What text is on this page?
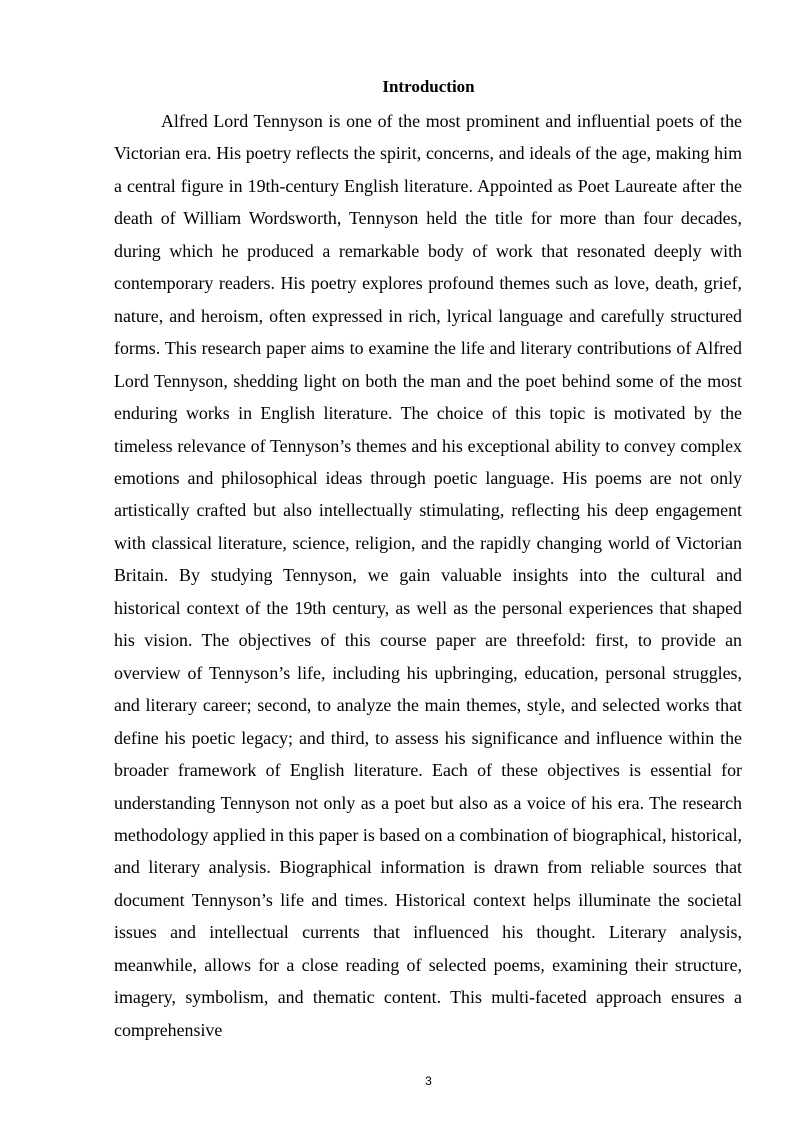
Introduction

Alfred Lord Tennyson is one of the most prominent and influential poets of the Victorian era. His poetry reflects the spirit, concerns, and ideals of the age, making him a central figure in 19th-century English literature. Appointed as Poet Laureate after the death of William Wordsworth, Tennyson held the title for more than four decades, during which he produced a remarkable body of work that resonated deeply with contemporary readers. His poetry explores profound themes such as love, death, grief, nature, and heroism, often expressed in rich, lyrical language and carefully structured forms. This research paper aims to examine the life and literary contributions of Alfred Lord Tennyson, shedding light on both the man and the poet behind some of the most enduring works in English literature. The choice of this topic is motivated by the timeless relevance of Tennyson’s themes and his exceptional ability to convey complex emotions and philosophical ideas through poetic language. His poems are not only artistically crafted but also intellectually stimulating, reflecting his deep engagement with classical literature, science, religion, and the rapidly changing world of Victorian Britain. By studying Tennyson, we gain valuable insights into the cultural and historical context of the 19th century, as well as the personal experiences that shaped his vision. The objectives of this course paper are threefold: first, to provide an overview of Tennyson’s life, including his upbringing, education, personal struggles, and literary career; second, to analyze the main themes, style, and selected works that define his poetic legacy; and third, to assess his significance and influence within the broader framework of English literature. Each of these objectives is essential for understanding Tennyson not only as a poet but also as a voice of his era. The research methodology applied in this paper is based on a combination of biographical, historical, and literary analysis. Biographical information is drawn from reliable sources that document Tennyson’s life and times. Historical context helps illuminate the societal issues and intellectual currents that influenced his thought. Literary analysis, meanwhile, allows for a close reading of selected poems, examining their structure, imagery, symbolism, and thematic content. This multi-faceted approach ensures a comprehensive

3
